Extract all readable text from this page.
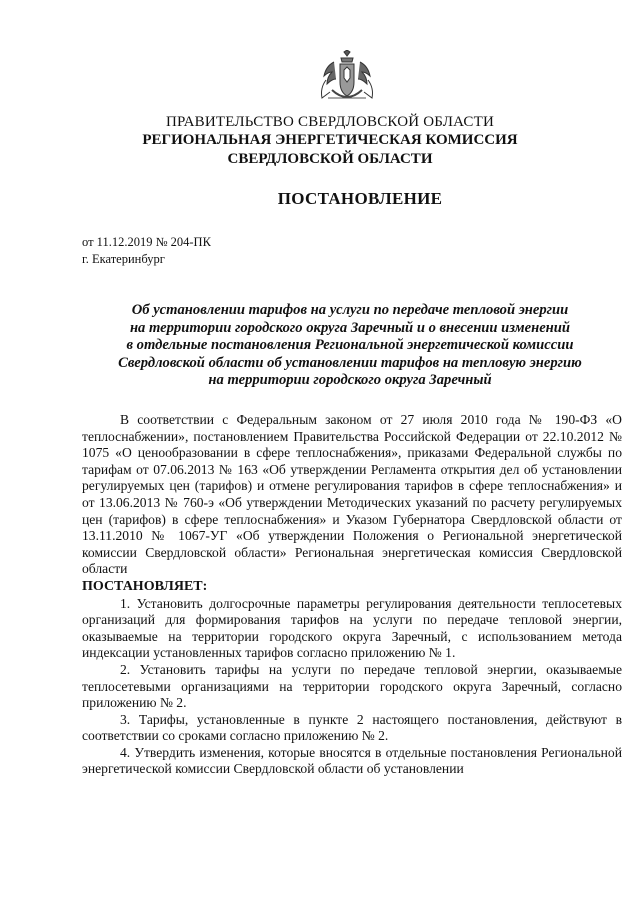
ПРАВИТЕЛЬСТВО СВЕРДЛОВСКОЙ ОБЛАСТИ
РЕГИОНАЛЬНАЯ ЭНЕРГЕТИЧЕСКАЯ КОМИССИЯ
СВЕРДЛОВСКОЙ ОБЛАСТИ
ПОСТАНОВЛЕНИЕ
от 11.12.2019 № 204-ПК
г. Екатеринбург
Об установлении тарифов на услуги по передаче тепловой энергии
на территории городского округа Заречный и о внесении изменений
в отдельные постановления Региональной энергетической комиссии
Свердловской области об установлении тарифов на тепловую энергию
на территории городского округа Заречный

В соответствии с Федеральным законом от 27 июля 2010 года № 190-ФЗ «О теплоснабжении», постановлением Правительства Российской Федерации от 22.10.2012 № 1075 «О ценообразовании в сфере теплоснабжения», приказами Федеральной службы по тарифам от 07.06.2013 № 163 «Об утверждении Регламента открытия дел об установлении регулируемых цен (тарифов) и отмене регулирования тарифов в сфере теплоснабжения» и от 13.06.2013 № 760-э «Об утверждении Методических указаний по расчету регулируемых цен (тарифов) в сфере теплоснабжения» и Указом Губернатора Свердловской области от 13.11.2010 № 1067-УГ «Об утверждении Положения о Региональной энергетической комиссии Свердловской области» Региональная энергетическая комиссия Свердловской области

ПОСТАНОВЛЯЕТ:

1. Установить долгосрочные параметры регулирования деятельности теплосетевых организаций для формирования тарифов на услуги по передаче тепловой энергии, оказываемые на территории городского округа Заречный, с использованием метода индексации установленных тарифов согласно приложению № 1.

2. Установить тарифы на услуги по передаче тепловой энергии, оказываемые теплосетевыми организациями на территории городского округа Заречный, согласно приложению № 2.

3. Тарифы, установленные в пункте 2 настоящего постановления, действуют в соответствии со сроками согласно приложению № 2.

4. Утвердить изменения, которые вносятся в отдельные постановления Региональной энергетической комиссии Свердловской области об установлении
